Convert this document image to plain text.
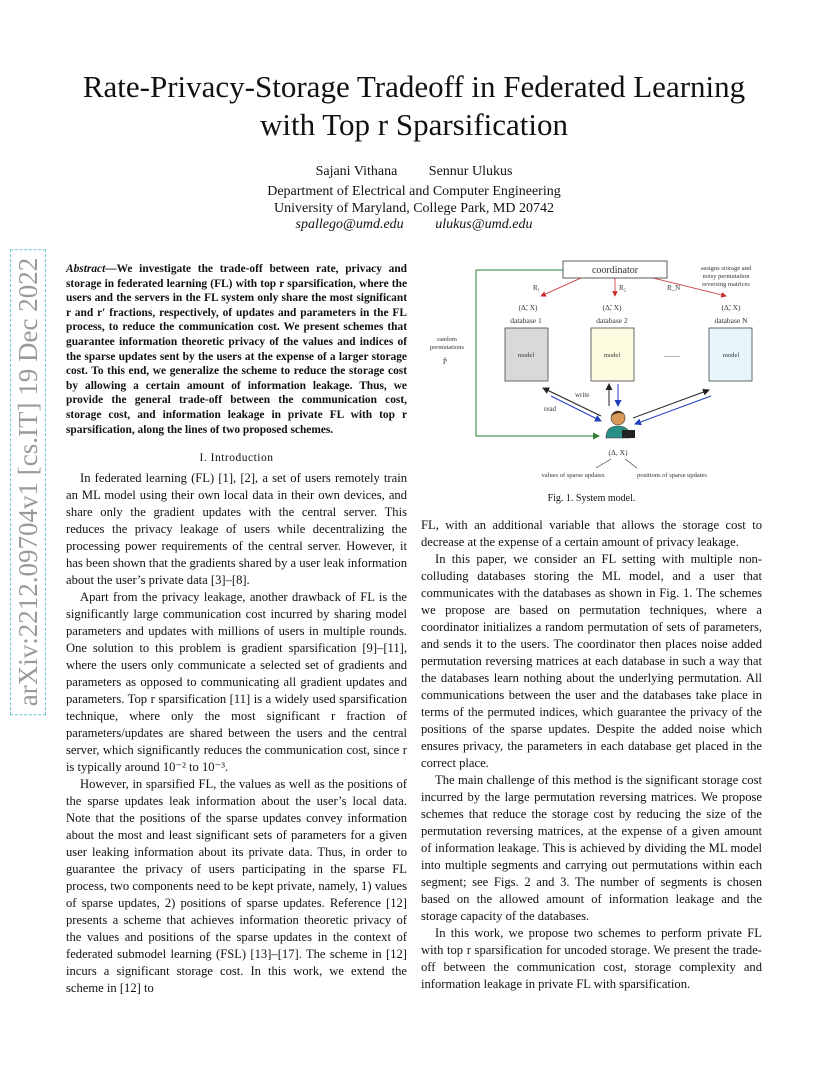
Rate-Privacy-Storage Tradeoff in Federated Learning with Top r Sparsification
Sajani Vithana Sennur Ulukus
Department of Electrical and Computer Engineering
University of Maryland, College Park, MD 20742
spallego@umd.edu ulukus@umd.edu
arXiv:2212.09704v1 [cs.IT] 19 Dec 2022 Abstract—We investigate the trade-off between rate, privacy and storage in federated learning (FL) with top r sparsification, where the users and the servers in the FL system only share the most significant r and r′ fractions, respectively, of updates and parameters in the FL process, to reduce the communication cost. We present schemes that guarantee information theoretic privacy of the values and indices of the sparse updates sent by the users at the expense of a larger storage cost. To this end, we generalize the scheme to reduce the storage cost by allowing a certain amount of information leakage. Thus, we provide the general trade-off between the communication cost, storage cost, and information leakage in private FL with top r sparsification, along the lines of two proposed schemes.
I. Introduction

In federated learning (FL) [1], [2], a set of users remotely train an ML model using their own local data in their own devices, and share only the gradient updates with the central server. This reduces the privacy leakage of users while decentralizing the processing power requirements of the central server. However, it has been shown that the gradients shared by a user leak information about the user’s private data [3]–[8].

Apart from the privacy leakage, another drawback of FL is the significantly large communication cost incurred by sharing model parameters and updates with millions of users in multiple rounds. One solution to this problem is gradient sparsification [9]–[11], where the users only communicate a selected set of gradients and parameters as opposed to communicating all gradient updates and parameters. Top r sparsification [11] is a widely used sparsification technique, where only the most significant r fraction of parameters/updates are shared between the users and the central server, which significantly reduces the communication cost, since r is typically around 10⁻² to 10⁻³.

However, in sparsified FL, the values as well as the positions of the sparse updates leak information about the user’s local data. Note that the positions of the sparse updates convey information about the most and least significant sets of parameters for a given user leaking information about its private data. Thus, in order to guarantee the privacy of users participating in the sparse FL process, two components need to be kept private, namely, 1) values of sparse updates, 2) positions of sparse updates. Reference [12] presents a scheme that achieves information theoretic privacy of the values and positions of the sparse updates in the context of federated submodel learning (FSL) [13]–[17]. The scheme in [12] incurs a significant storage cost. In this work, we extend the scheme in [12] to

coordinator	assigns storage and
noisy permutation
reversing matrices
R₁	R₂	R_N
(Δ̃, X)	(Δ̃, X)	(Δ̃, X)
database 1	database 2	database N
model	model	model
........
random
permutations
P̂
write
read
(Δ, X)
values of sparse updates	positions of sparse updates
Fig. 1. System model.

FL, with an additional variable that allows the storage cost to decrease at the expense of a certain amount of privacy leakage.

In this paper, we consider an FL setting with multiple non-colluding databases storing the ML model, and a user that communicates with the databases as shown in Fig. 1. The schemes we propose are based on permutation techniques, where a coordinator initializes a random permutation of sets of parameters, and sends it to the users. The coordinator then places noise added permutation reversing matrices at each database in such a way that the databases learn nothing about the underlying permutation. All communications between the user and the databases take place in terms of the permuted indices, which guarantee the privacy of the positions of the sparse updates. Despite the added noise which ensures privacy, the parameters in each database get placed in the correct place.

The main challenge of this method is the significant storage cost incurred by the large permutation reversing matrices. We propose schemes that reduce the storage cost by reducing the size of the permutation reversing matrices, at the expense of a given amount of information leakage. This is achieved by dividing the ML model into multiple segments and carrying out permutations within each segment; see Figs. 2 and 3. The number of segments is chosen based on the allowed amount of information leakage and the storage capacity of the databases.

In this work, we propose two schemes to perform private FL with top r sparsification for uncoded storage. We present the trade-off between the communication cost, storage complexity and information leakage in private FL with sparsification.
